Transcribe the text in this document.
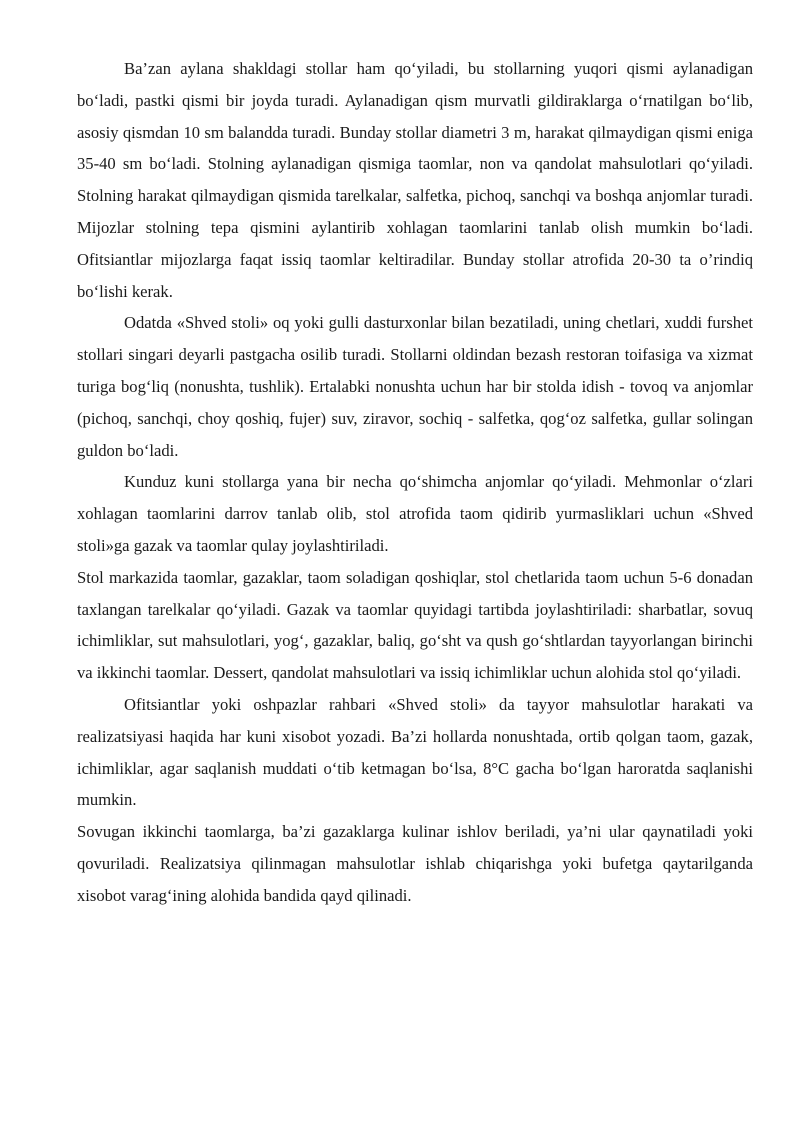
Ba’zan aylana shakldagi stollar ham qo‘yiladi, bu stollarning yuqori qismi aylanadigan bo‘ladi, pastki qismi bir joyda turadi. Aylanadigan qism murvatli gildiraklarga o‘rnatilgan bo‘lib, asosiy qismdan 10 sm balandda turadi. Bunday stollar diametri 3 m, harakat qilmaydigan qismi eniga 35-40 sm bo‘ladi. Stolning aylanadigan qismiga taomlar, non va qandolat mahsulotlari qo‘yiladi. Stolning harakat qilmaydigan qismida tarelkalar, salfetka, pichoq, sanchqi va boshqa anjomlar turadi. Mijozlar stolning tepa qismini aylantirib xohlagan taomlarini tanlab olish mumkin bo‘ladi. Ofitsiantlar mijozlarga faqat issiq taomlar keltiradilar. Bunday stollar atrofida 20-30 ta o’rindiq bo‘lishi kerak.

Odatda «Shved stoli» oq yoki gulli dasturxonlar bilan bezatiladi, uning chetlari, xuddi furshet stollari singari deyarli pastgacha osilib turadi. Stollarni oldindan bezash restoran toifasiga va xizmat turiga bog‘liq (nonushta, tushlik). Ertalabki nonushta uchun har bir stolda idish - tovoq va anjomlar (pichoq, sanchqi, choy qoshiq, fujer) suv, ziravor, sochiq - salfetka, qog‘oz salfetka, gullar solingan guldon bo‘ladi.

Kunduz kuni stollarga yana bir necha qo‘shimcha anjomlar qo‘yiladi. Mehmonlar o‘zlari xohlagan taomlarini darrov tanlab olib, stol atrofida taom qidirib yurmasliklari uchun «Shved stoli»ga gazak va taomlar qulay joylashtiriladi.

Stol markazida taomlar, gazaklar, taom soladigan qoshiqlar, stol chetlarida taom uchun 5-6 donadan taxlangan tarelkalar qo‘yiladi. Gazak va taomlar quyidagi tartibda joylashtiriladi: sharbatlar, sovuq ichimliklar, sut mahsulotlari, yog‘, gazaklar, baliq, go‘sht va qush go‘shtlardan tayyorlangan birinchi va ikkinchi taomlar. Dessert, qandolat mahsulotlari va issiq ichimliklar uchun alohida stol qo‘yiladi.

Ofitsiantlar yoki oshpazlar rahbari «Shved stoli» da tayyor mahsulotlar harakati va realizatsiyasi haqida har kuni xisobot yozadi. Ba’zi hollarda nonushtada, ortib qolgan taom, gazak, ichimliklar, agar saqlanish muddati o‘tib ketmagan bo‘lsa, 8°C gacha bo‘lgan haroratda saqlanishi mumkin.

Sovugan ikkinchi taomlarga, ba’zi gazaklarga kulinar ishlov beriladi, ya’ni ular qaynatiladi yoki qovuriladi. Realizatsiya qilinmagan mahsulotlar ishlab chiqarishga yoki bufetga qaytarilganda xisobot varag‘ining alohida bandida qayd qilinadi.
